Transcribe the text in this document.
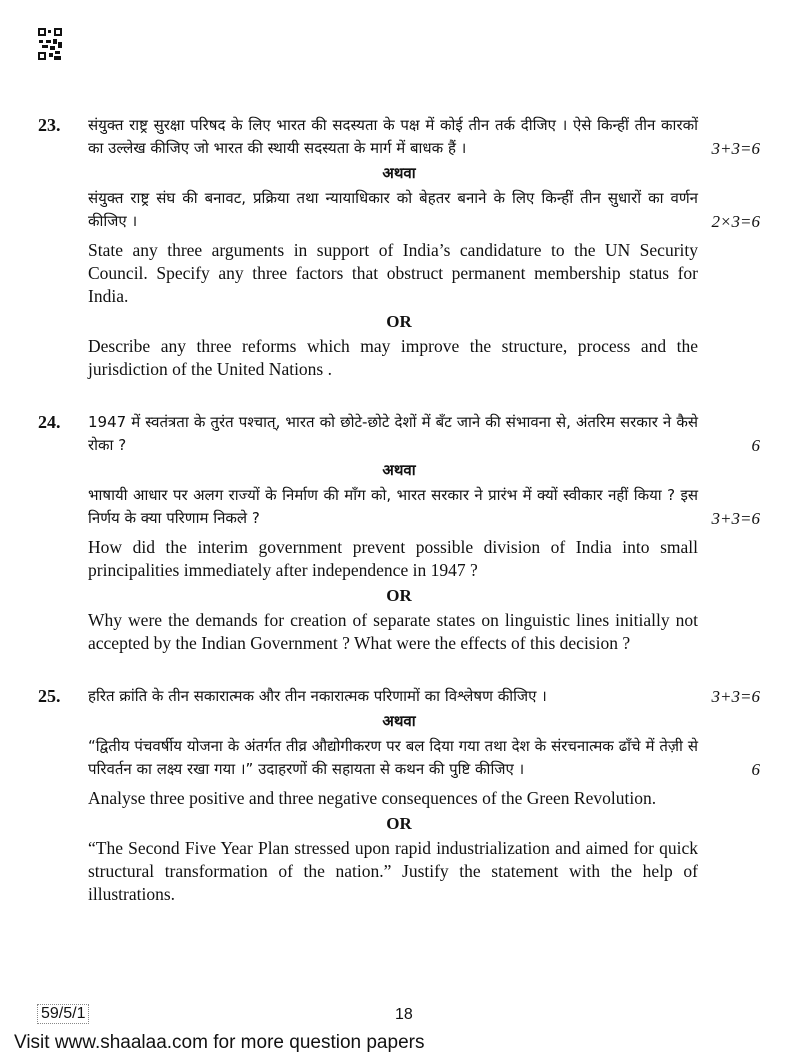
23.	संयुक्त राष्ट्र सुरक्षा परिषद के लिए भारत की सदस्यता के पक्ष में कोई तीन तर्क दीजिए । ऐसे किन्हीं तीन कारकों का उल्लेख कीजिए जो भारत की स्थायी सदस्यता के मार्ग में बाधक हैं ।	3+3=6
अथवा
संयुक्त राष्ट्र संघ की बनावट, प्रक्रिया तथा न्यायाधिकार को बेहतर बनाने के लिए किन्हीं तीन सुधारों का वर्णन कीजिए ।	2×3=6
State any three arguments in support of India’s candidature to the UN Security Council. Specify any three factors that obstruct permanent membership status for India.
OR
Describe any three reforms which may improve the structure, process and the jurisdiction of the United Nations .
24.	1947 में स्वतंत्रता के तुरंत पश्चात्, भारत को छोटे-छोटे देशों में बँट जाने की संभावना से, अंतरिम सरकार ने कैसे रोका ?	6
अथवा
भाषायी आधार पर अलग राज्यों के निर्माण की माँग को, भारत सरकार ने प्रारंभ में क्यों स्वीकार नहीं किया ? इस निर्णय के क्या परिणाम निकले ?	3+3=6
How did the interim government prevent possible division of India into small principalities immediately after independence in 1947 ?
OR
Why were the demands for creation of separate states on linguistic lines initially not accepted by the Indian Government ? What were the effects of this decision ?
25.	हरित क्रांति के तीन सकारात्मक और तीन नकारात्मक परिणामों का विश्लेषण कीजिए ।	3+3=6
अथवा
“द्वितीय पंचवर्षीय योजना के अंतर्गत तीव्र औद्योगीकरण पर बल दिया गया तथा देश के संरचनात्मक ढाँचे में तेज़ी से परिवर्तन का लक्ष्य रखा गया ।” उदाहरणों की सहायता से कथन की पुष्टि कीजिए ।	6
Analyse three positive and three negative consequences of the Green Revolution.
OR
“The Second Five Year Plan stressed upon rapid industrialization and aimed for quick structural transformation of the nation.” Justify the statement with the help of illustrations.
59/5/1	18
Visit www.shaalaa.com for more question papers
